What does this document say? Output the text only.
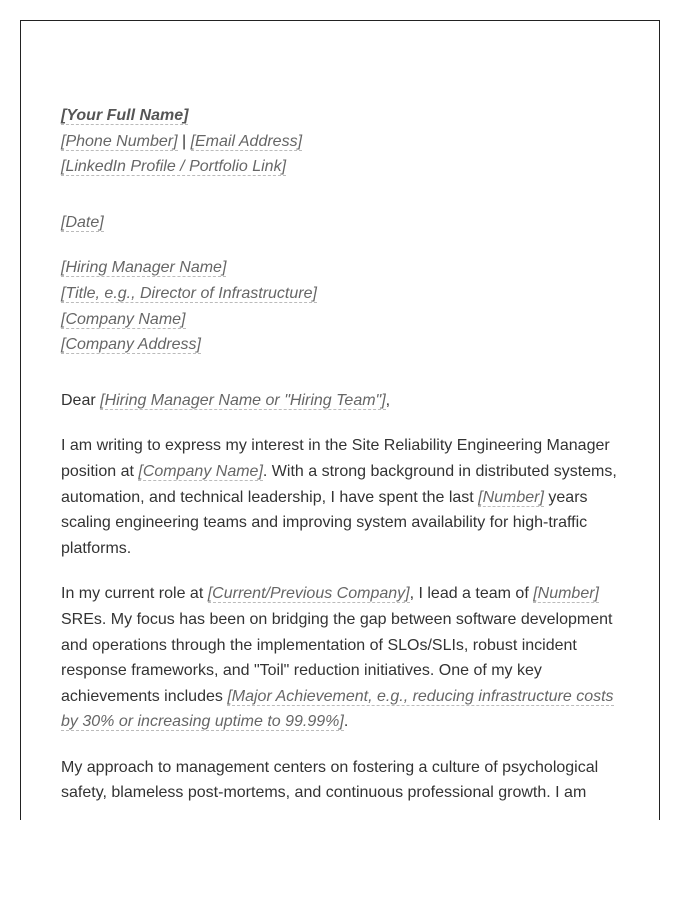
[Your Full Name]
[Phone Number] | [Email Address]
[LinkedIn Profile / Portfolio Link]
[Date]
[Hiring Manager Name]
[Title, e.g., Director of Infrastructure]
[Company Name]
[Company Address]

Dear [Hiring Manager Name or "Hiring Team"],

I am writing to express my interest in the Site Reliability Engineering Manager position at [Company Name]. With a strong background in distributed systems, automation, and technical leadership, I have spent the last [Number] years scaling engineering teams and improving system availability for high-traffic platforms.

In my current role at [Current/Previous Company], I lead a team of [Number] SREs. My focus has been on bridging the gap between software development and operations through the implementation of SLOs/SLIs, robust incident response frameworks, and "Toil" reduction initiatives. One of my key achievements includes [Major Achievement, e.g., reducing infrastructure costs by 30% or increasing uptime to 99.99%].

My approach to management centers on fostering a culture of psychological safety, blameless post-mortems, and continuous professional growth. I am
